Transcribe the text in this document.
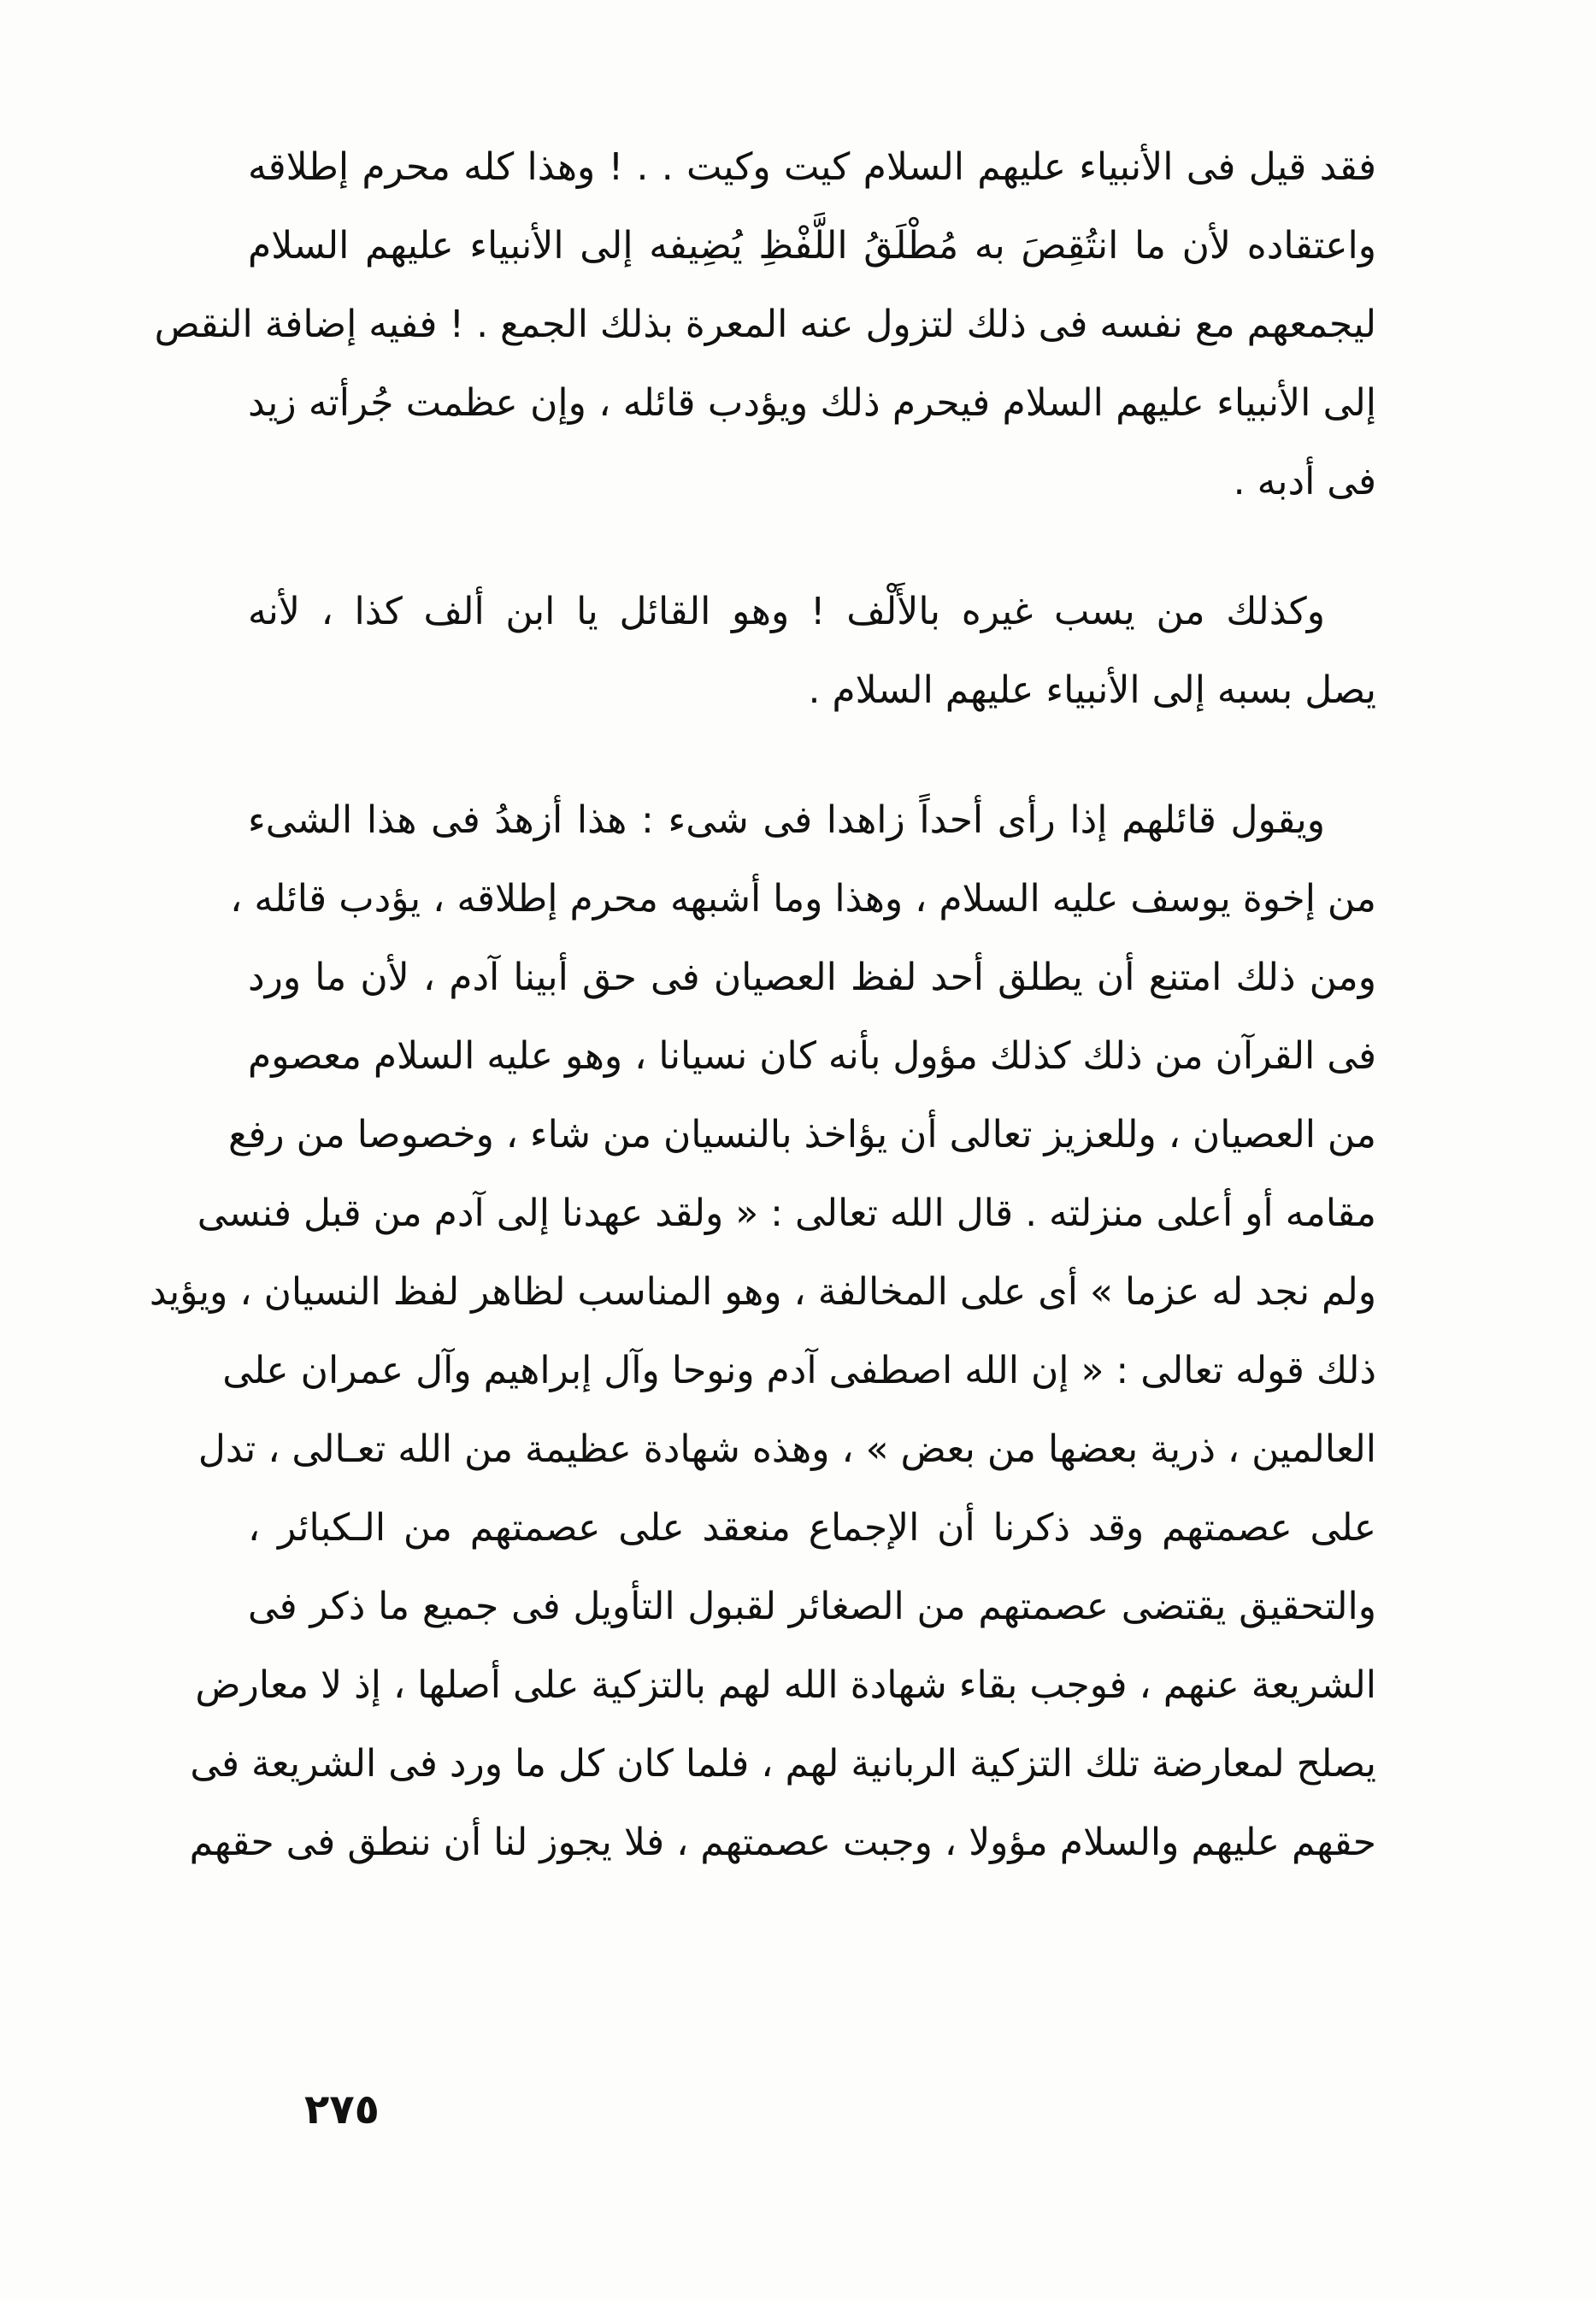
فقد قيل فى الأنبياء عليهم السلام كيت وكيت . . ! وهذا كله محرم إطلاقه
واعتقاده لأن ما انتُقِصَ به مُطْلَقُ اللَّفْظِ يُضِيفه إلى الأنبياء عليهم السلام
ليجمعهم مع نفسه فى ذلك لتزول عنه المعرة بذلك الجمع . ! ففيه إضافة النقص
إلى الأنبياء عليهم السلام فيحرم ذلك ويؤدب قائله ، وإن عظمت جُرأته زيد
فى أدبه .

وكذلك من يسب غيره بالأَلْف ! وهو القائل يا ابن ألف كذا ، لأنه
يصل بسبه إلى الأنبياء عليهم السلام .

ويقول قائلهم إذا رأى أحداً زاهدا فى شىء : هذا أزهدُ فى هذا الشىء
من إخوة يوسف عليه السلام ، وهذا وما أشبهه محرم إطلاقه ، يؤدب قائله ،
ومن ذلك امتنع أن يطلق أحد لفظ العصيان فى حق أبينا آدم ، لأن ما ورد
فى القرآن من ذلك كذلك مؤول بأنه كان نسيانا ، وهو عليه السلام معصوم
من العصيان ، وللعزيز تعالى أن يؤاخذ بالنسيان من شاء ، وخصوصا من رفع
مقامه أو أعلى منزلته . قال الله تعالى : « ولقد عهدنا إلى آدم من قبل فنسى
ولم نجد له عزما » أى على المخالفة ، وهو المناسب لظاهر لفظ النسيان ، ويؤيد
ذلك قوله تعالى : « إن الله اصطفى آدم ونوحا وآل إبراهيم وآل عمران على
العالمين ، ذرية بعضها من بعض » ، وهذه شهادة عظيمة من الله تعـالى ، تدل
على عصمتهم وقد ذكرنا أن الإجماع منعقد على عصمتهم من الـكبائر ،
والتحقيق يقتضى عصمتهم من الصغائر لقبول التأويل فى جميع ما ذكر فى
الشريعة عنهم ، فوجب بقاء شهادة الله لهم بالتزكية على أصلها ، إذ لا معارض
يصلح لمعارضة تلك التزكية الربانية لهم ، فلما كان كل ما ورد فى الشريعة فى
حقهم عليهم والسلام مؤولا ، وجبت عصمتهم ، فلا يجوز لنا أن ننطق فى حقهم

٢٧٥
